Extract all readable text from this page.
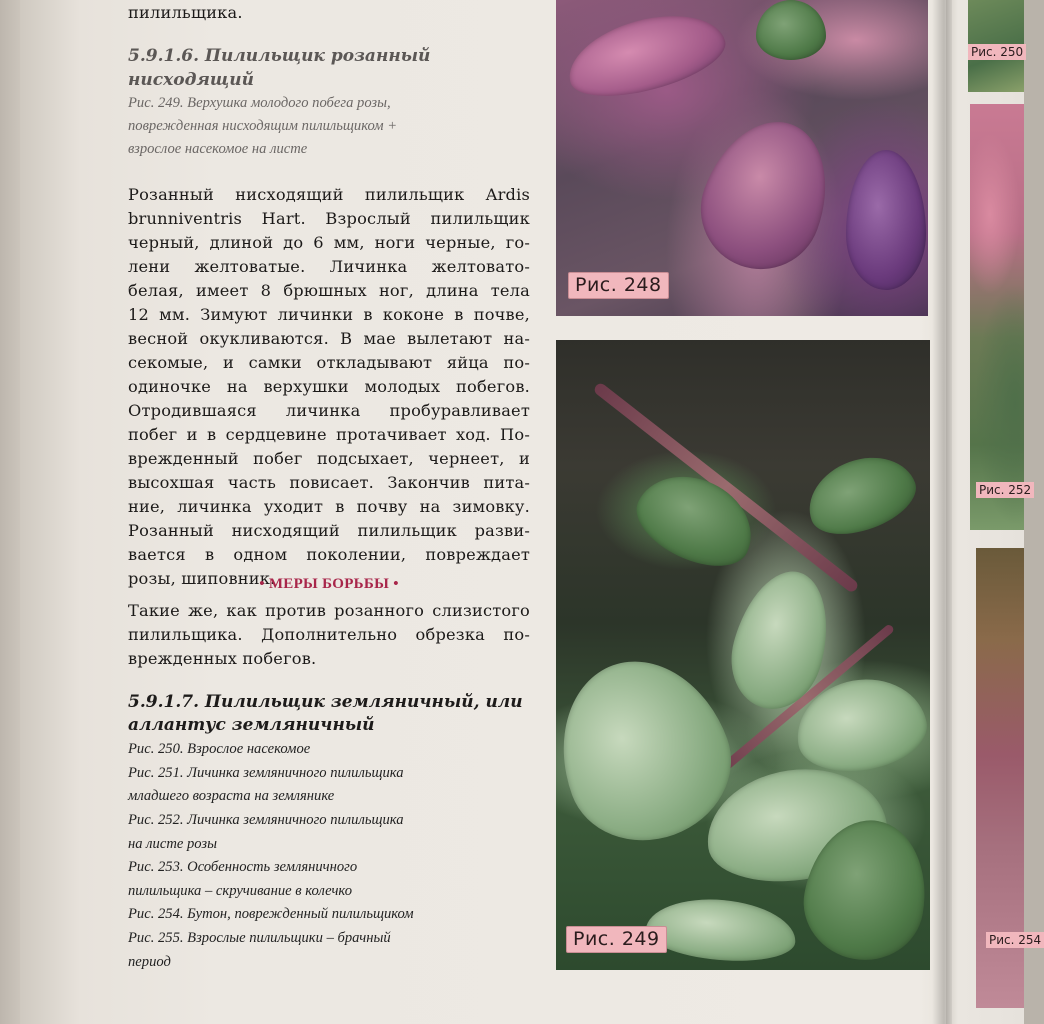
пилильщика.
5.9.1.6. Пилильщик розанный
нисходящий
Рис. 249. Верхушка молодого побега розы,
поврежденная нисходящим пилильщиком +
взрослое насекомое на листе
Розанный нисходящий пилильщик Ardis
brunniventris Hart. Взрослый пилильщик
черный, длиной до 6 мм, ноги черные, го-
лени желтоватые. Личинка желтовато-
белая, имеет 8 брюшных ног, длина тела
12 мм. Зимуют личинки в коконе в почве,
весной окукливаются. В мае вылетают на-
секомые, и самки откладывают яйца по-
одиночке на верхушки молодых побегов.
Отродившаяся личинка пробуравливает
побег и в сердцевине протачивает ход. По-
врежденный побег подсыхает, чернеет, и
высохшая часть повисает. Закончив пита-
ние, личинка уходит в почву на зимовку.
Розанный нисходящий пилильщик разви-
вается в одном поколении, повреждает
розы, шиповник.
• МЕРЫ БОРЬБЫ •
Такие же, как против розанного слизистого
пилильщика. Дополнительно обрезка по-
врежденных побегов.
5.9.1.7. Пилильщик земляничный, или
аллантус земляничный
Рис. 250. Взрослое насекомое
Рис. 251. Личинка земляничного пилильщика
младшего возраста на землянике
Рис. 252. Личинка земляничного пилильщика
на листе розы
Рис. 253. Особенность земляничного
пилильщика – скручивание в колечко
Рис. 254. Бутон, поврежденный пилильщиком
Рис. 255. Взрослые пилильщики – брачный
период
Рис. 248
Рис. 249
Рис. 250
Рис. 252
Рис. 254
